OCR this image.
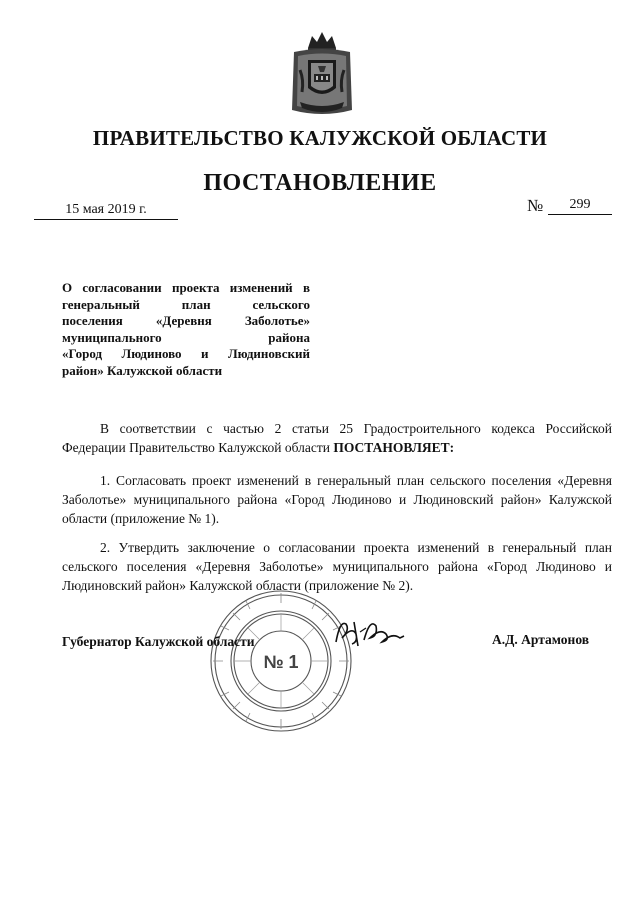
ПРАВИТЕЛЬСТВО КАЛУЖСКОЙ ОБЛАСТИ
ПОСТАНОВЛЕНИЕ
15 мая 2019 г.	№	299
О согласовании проекта изменений в
генеральный план сельского
поселения «Деревня Заболотье»
муниципального района
«Город Людиново и Людиновский
район» Калужской области
В соответствии с частью 2 статьи 25 Градостроительного кодекса Российской Федерации Правительство Калужской области ПОСТАНОВЛЯЕТ:
1. Согласовать проект изменений в генеральный план сельского поселения «Деревня Заболотье» муниципального района «Город Людиново и Людиновский район» Калужской области (приложение № 1).
2. Утвердить заключение о согласовании проекта изменений в генеральный план сельского поселения «Деревня Заболотье» муниципального района «Город Людиново и Людиновский район» Калужской области (приложение № 2).
№ 1
Губернатор Калужской области	А.Д. Артамонов
